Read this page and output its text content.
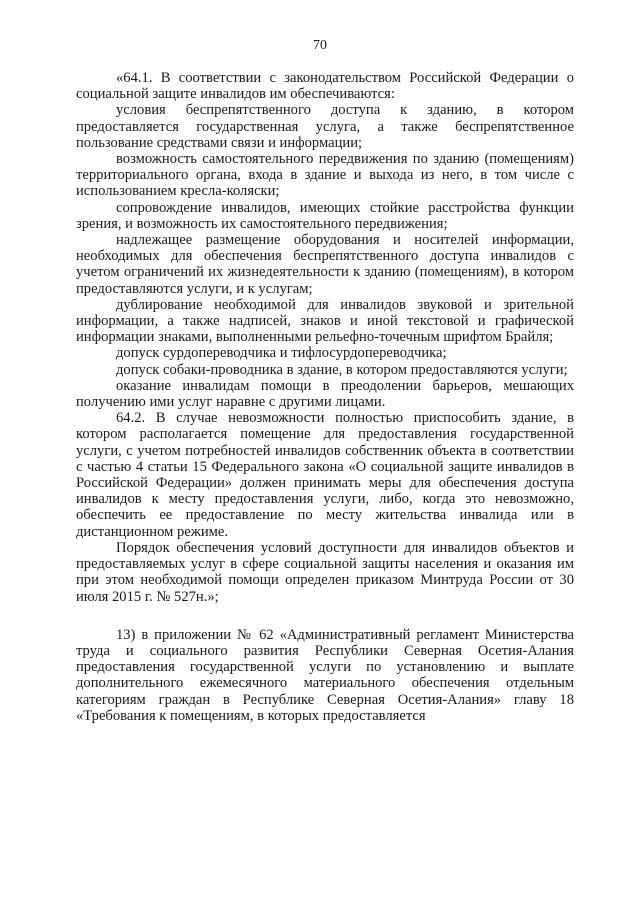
70

«64.1. В соответствии с законодательством Российской Федерации о социальной защите инвалидов им обеспечиваются:

условия беспрепятственного доступа к зданию, в котором предоставляется государственная услуга, а также беспрепятственное пользование средствами связи и информации;

возможность самостоятельного передвижения по зданию (помещениям) территориального органа, входа в здание и выхода из него, в том числе с использованием кресла-коляски;

сопровождение инвалидов, имеющих стойкие расстройства функции зрения, и возможность их самостоятельного передвижения;

надлежащее размещение оборудования и носителей информации, необходимых для обеспечения беспрепятственного доступа инвалидов с учетом ограничений их жизнедеятельности к зданию (помещениям), в котором предоставляются услуги, и к услугам;

дублирование необходимой для инвалидов звуковой и зрительной информации, а также надписей, знаков и иной текстовой и графической информации знаками, выполненными рельефно-точечным шрифтом Брайля;

допуск сурдопереводчика и тифлосурдопереводчика;

допуск собаки-проводника в здание, в котором предоставляются услуги;

оказание инвалидам помощи в преодолении барьеров, мешающих получению ими услуг наравне с другими лицами.

64.2. В случае невозможности полностью приспособить здание, в котором располагается помещение для предоставления государственной услуги, с учетом потребностей инвалидов собственник объекта в соответствии с частью 4 статьи 15 Федерального закона «О социальной защите инвалидов в Российской Федерации» должен принимать меры для обеспечения доступа инвалидов к месту предоставления услуги, либо, когда это невозможно, обеспечить ее предоставление по месту жительства инвалида или в дистанционном режиме.

Порядок обеспечения условий доступности для инвалидов объектов и предоставляемых услуг в сфере социальной защиты населения и оказания им при этом необходимой помощи определен приказом Минтруда России от 30 июля 2015 г. № 527н.»;

13) в приложении № 62 «Административный регламент Министерства труда и социального развития Республики Северная Осетия-Алания предоставления государственной услуги по установлению и выплате дополнительного ежемесячного материального обеспечения отдельным категориям граждан в Республике Северная Осетия-Алания» главу 18 «Требования к помещениям, в которых предоставляется
